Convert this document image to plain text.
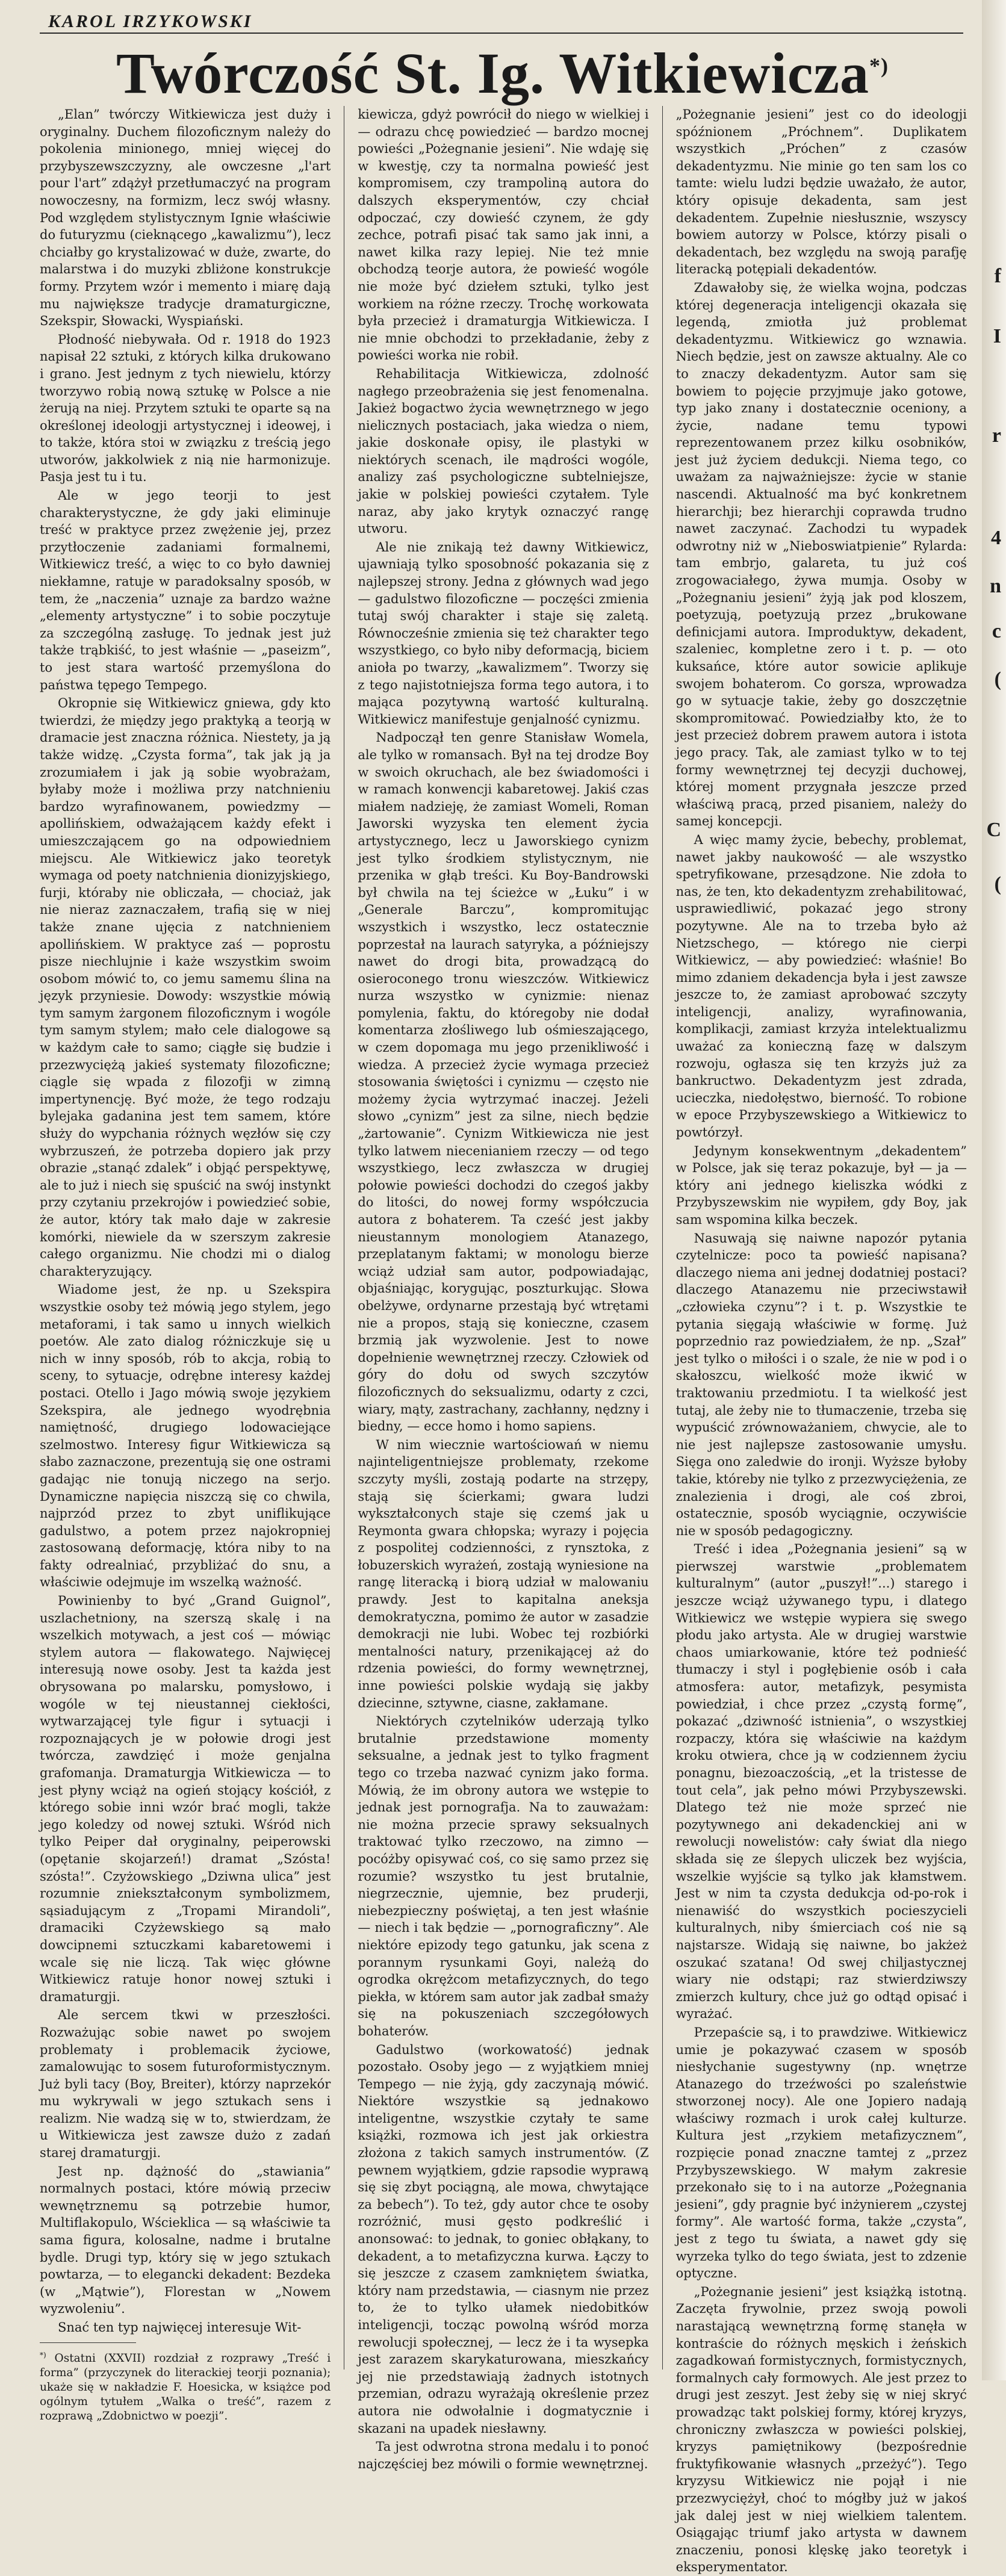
KAROL IRZYKOWSKI
Twórczość St. Ig. Witkiewicza*)

„Elan” twórczy Witkiewicza jest duży i oryginalny. Duchem filozoficznym należy do pokolenia minionego, mniej więcej do przybyszewszczyzny, ale owczesne „l'art pour l'art” zdążył przetłumaczyć na program nowoczesny, na formizm, lecz swój własny. Pod względem stylistycznym Ignie właściwie do futuryzmu (cieknącego „kawalizmu”), lecz chciałby go krystalizować w duże, zwarte, do malarstwa i do muzyki zbliżone konstrukcje formy. Przytem wzór i memento i miarę dają mu największe tradycje dramaturgiczne, Szekspir, Słowacki, Wyspiański.

Płodność niebywała. Od r. 1918 do 1923 napisał 22 sztuki, z których kilka drukowano i grano. Jest jednym z tych niewielu, którzy tworzywo robią nową sztukę w Polsce a nie żerują na niej. Przytem sztuki te oparte są na określonej ideologji artystycznej i ideowej, i to także, która stoi w związku z treścią jego utworów, jakkolwiek z nią nie harmonizuje. Pasja jest tu i tu.

Ale w jego teorji to jest charakterystyczne, że gdy jaki eliminuje treść w praktyce przez zwężenie jej, przez przytłoczenie zadaniami formalnemi, Witkiewicz treść, a więc to co było dawniej niekłamne, ratuje w paradoksalny sposób, w tem, że „naczenia” uznaje za bardzo ważne „elementy artystyczne” i to sobie poczytuje za szczególną zasługę. To jednak jest już także trąbkiść, to jest właśnie — „paseizm”, to jest stara wartość przemyślona do państwa tępego Tempego.

Okropnie się Witkiewicz gniewa, gdy kto twierdzi, że między jego praktyką a teorją w dramacie jest znaczna różnica. Niestety, ja ją także widzę. „Czysta forma”, tak jak ją ja zrozumiałem i jak ją sobie wyobrażam, byłaby może i możliwa przy natchnieniu bardzo wyrafinowanem, powiedzmy — apollińskiem, odważającem każdy efekt i umieszczającem go na odpowiedniem miejscu. Ale Witkiewicz jako teoretyk wymaga od poety natchnienia dionizyjskiego, furji, któraby nie obliczała, — chociaż, jak nie nieraz zaznaczałem, trafią się w niej także znane ujęcia z natchnieniem apollińskiem. W praktyce zaś — poprostu pisze niechlujnie i każe wszystkim swoim osobom mówić to, co jemu samemu ślina na język przyniesie. Dowody: wszystkie mówią tym samym żargonem filozoficznym i wogóle tym samym stylem; mało cele dialogowe są w każdym całe to samo; ciągłe się budzie i przezwyciężą jakieś systematy filozoficzne; ciągle się wpada z filozofji w zimną impertynencję. Być może, że tego rodzaju bylejaka gadanina jest tem samem, które służy do wypchania różnych węzłów się czy wybrzuszeń, że potrzeba dopiero jak przy obrazie „stanąć zdalek” i objąć perspektywę, ale to już i niech się spuścić na swój instynkt przy czytaniu przekrojów i powiedzieć sobie, że autor, który tak mało daje w zakresie komórki, niewiele da w szerszym zakresie całego organizmu. Nie chodzi mi o dialog charakteryzujący.

Wiadome jest, że np. u Szekspira wszystkie osoby też mówią jego stylem, jego metaforami, i tak samo u innych wielkich poetów. Ale zato dialog różniczkuje się u nich w inny sposób, rób to akcja, robią to sceny, to sytuacje, odrębne interesy każdej postaci. Otello i Jago mówią swoje językiem Szekspira, ale jednego wyodrębnia namiętność, drugiego lodowaciejące szelmostwo. Interesy figur Witkiewicza są słabo zaznaczone, prezentują się one ostrami gadając nie tonują niczego na serjo. Dynamiczne napięcia niszczą się co chwila, najprzód przez to zbyt uniflikujące gadulstwo, a potem przez najokropniej zastosowaną deformację, która niby to na fakty odrealniać, przybliżać do snu, a właściwie odejmuje im wszelką ważność.

Powinienby to być „Grand Guignol”, uszlachetniony, na szerszą skalę i na wszelkich motywach, a jest coś — mówiąc stylem autora — flakowatego. Najwięcej interesują nowe osoby. Jest ta każda jest obrysowana po malarsku, pomysłowo, i wogóle w tej nieustannej ciekłości, wytwarzającej tyle figur i sytuacji i rozpoznających je w połowie drogi jest twórcza, zawdzięć i może genjalna grafomanja. Dramaturgja Witkiewicza — to jest płyny wciąż na ogień stojący kościół, z którego sobie inni wzór brać mogli, także jego koledzy od nowej sztuki. Wśród nich tylko Peiper dał oryginalny, peiperowski (opętanie skojarzeń!) dramat „Szósta! szósta!”. Czyżowskiego „Dziwna ulica” jest rozumnie zniekształconym symbolizmem, sąsiadującym z „Tropami Mirandoli”, dramaciki Czyżewskiego są mało dowcipnemi sztuczkami kabaretowemi i wcale się nie liczą. Tak więc główne Witkiewicz ratuje honor nowej sztuki i dramaturgji.

Ale sercem tkwi w przeszłości. Rozważując sobie nawet po swojem problematy i problemacik życiowe, zamalowując to sosem futuroformistycznym. Już byli tacy (Boy, Breiter), którzy naprzekór mu wykrywali w jego sztukach sens i realizm. Nie wadzą się w to, stwierdzam, że u Witkiewicza jest zawsze dużo z zadań starej dramaturgji.

Jest np. dążność do „stawiania” normalnych postaci, które mówią przeciw wewnętrznemu są potrzebie humor, Multiflakopulo, Wścieklica — są właściwie ta sama figura, kolosalne, nadme i brutalne bydle. Drugi typ, który się w jego sztukach powtarza, — to elegancki dekadent: Bezdeka (w „Mątwie”), Florestan w „Nowem wyzwoleniu”.

Snać ten typ najwięcej interesuje Wit-

*) Ostatni (XXVII) rozdział z rozprawy „Treść i forma” (przyczynek do literackiej teorji poznania); ukaże się w nakładzie F. Hoesicka, w książce pod ogólnym tytułem „Walka o treść”, razem z rozprawą „Zdobnictwo w poezji”.

kiewicza, gdyż powrócił do niego w wielkiej i — odrazu chcę powiedzieć — bardzo mocnej powieści „Pożegnanie jesieni”. Nie wdaję się w kwestję, czy ta normalna powieść jest kompromisem, czy trampoliną autora do dalszych eksperymentów, czy chciał odpoczać, czy dowieść czynem, że gdy zechce, potrafi pisać tak samo jak inni, a nawet kilka razy lepiej. Nie też mnie obchodzą teorje autora, że powieść wogóle nie może być dziełem sztuki, tylko jest workiem na różne rzeczy. Trochę workowata była przecież i dramaturgja Witkiewicza. I nie mnie obchodzi to przekładanie, żeby z powieści worka nie robił.

Rehabilitacja Witkiewicza, zdolność nagłego przeobrażenia się jest fenomenalna. Jakież bogactwo życia wewnętrznego w jego nielicznych postaciach, jaka wiedza o niem, jakie doskonałe opisy, ile plastyki w niektórych scenach, ile mądrości wogóle, analizy zaś psychologiczne subtelniejsze, jakie w polskiej powieści czytałem. Tyle naraz, aby jako krytyk oznaczyć rangę utworu.

Ale nie znikają też dawny Witkiewicz, ujawniają tylko sposobność pokazania się z najlepszej strony. Jedna z głównych wad jego — gadulstwo filozoficzne — poczęści zmienia tutaj swój charakter i staje się zaletą. Równocześnie zmienia się też charakter tego wszystkiego, co było niby deformacją, biciem anioła po twarzy, „kawalizmem”. Tworzy się z tego najistotniejsza forma tego autora, i to mająca pozytywną wartość kulturalną. Witkiewicz manifestuje genjalność cynizmu.

Nadpoczął ten genre Stanisław Womela, ale tylko w romansach. Był na tej drodze Boy w swoich okruchach, ale bez świadomości i w ramach konwencji kabaretowej. Jakiś czas miałem nadzieję, że zamiast Womeli, Roman Jaworski wyzyska ten element życia artystycznego, lecz u Jaworskiego cynizm jest tylko środkiem stylistycznym, nie przenika w głąb treści. Ku Boy-Bandrowski był chwila na tej ścieżce w „Łuku” i w „Generale Barczu”, kompromitując wszystkich i wszystko, lecz ostatecznie poprzestał na laurach satyryka, a późniejszy nawet do drogi bita, prowadzącą do osieroconego tronu wieszczów. Witkiewicz nurza wszystko w cynizmie: nienaz pomylenia, faktu, do któregoby nie dodał komentarza złośliwego lub ośmieszającego, w czem dopomaga mu jego przenikliwość i wiedza. A przecież życie wymaga przecież stosowania świętości i cynizmu — często nie możemy życia wytrzymać inaczej. Jeżeli słowo „cynizm” jest za silne, niech będzie „żartowanie”. Cynizm Witkiewicza nie jest tylko latwem niecenianiem rzeczy — od tego wszystkiego, lecz zwłaszcza w drugiej połowie powieści dochodzi do czegoś jakby do litości, do nowej formy współczucia autora z bohaterem. Ta cześć jest jakby nieustannym monologiem Atanazego, przeplatanym faktami; w monologu bierze wciąż udział sam autor, podpowiadając, objaśniając, korygując, poszturkując. Słowa obelżywe, ordynarne przestają być wtrętami nie a propos, stają się konieczne, czasem brzmią jak wyzwolenie. Jest to nowe dopełnienie wewnętrznej rzeczy. Człowiek od góry do dołu od swych szczytów filozoficznych do seksualizmu, odarty z czci, wiary, mąty, zastrachany, zachłanny, nędzny i biedny, — ecce homo i homo sapiens.

W nim wiecznie wartościowań w niemu najinteligentniejsze problematy, rzekome szczyty myśli, zostają podarte na strzępy, stają się ścierkami; gwara ludzi wykształconych staje się czemś jak u Reymonta gwara chłopska; wyrazy i pojęcia z pospolitej codzienności, z rynsztoka, z łobuzerskich wyrażeń, zostają wyniesione na rangę literacką i biorą udział w malowaniu prawdy. Jest to kapitalna aneksja demokratyczna, pomimo że autor w zasadzie demokracji nie lubi. Wobec tej rozbiórki mentalności natury, przenikającej aż do rdzenia powieści, do formy wewnętrznej, inne powieści polskie wydają się jakby dziecinne, sztywne, ciasne, zakłamane.

Niektórych czytelników uderzają tylko brutalnie przedstawione momenty seksualne, a jednak jest to tylko fragment tego co trzeba nazwać cynizm jako forma. Mówią, że im obrony autora we wstępie to jednak jest pornografja. Na to zauważam: nie można przecie sprawy seksualnych traktować tylko rzeczowo, na zimno — pocóżby opisywać coś, co się samo przez się rozumie? wszystko tu jest brutalnie, niegrzecznie, ujemnie, bez pruderji, niebezpieczny poświętaj, a ten jest właśnie — niech i tak będzie — „pornograficzny”. Ale niektóre epizody tego gatunku, jak scena z porannym rysunkami Goyi, należą do ogrodka okrężcom metafizycznych, do tego piekła, w którem sam autor jak zadbał smaży się na pokuszeniach szczegółowych bohaterów.

Gadulstwo (workowatość) jednak pozostało. Osoby jego — z wyjątkiem mniej Tempego — nie żyją, gdy zaczynają mówić. Niektóre wszystkie są jednakowo inteligentne, wszystkie czytały te same książki, rozmowa ich jest jak orkiestra złożona z takich samych instrumentów. (Z pewnem wyjątkiem, gdzie rapsodie wyprawą się się zbyt pociągną, ale mowa, chwytające za bebech”). To też, gdy autor chce te osoby rozróżnić, musi gęsto podkreślić i anonsować: to jednak, to goniec obłąkany, to dekadent, a to metafizyczna kurwa. Łączy to się jeszcze z czasem zamkniętem światka, który nam przedstawia, — ciasnym nie przez to, że to tylko ułamek niedobitków inteligencji, tocząc powolną wśród morza rewolucji społecznej, — lecz że i ta wysepka jest zarazem skarykaturowana, mieszkańcy jej nie przedstawiają żadnych istotnych przemian, odrazu wyrażają określenie przez autora nie odwołalnie i dogmatycznie i skazani na upadek niesławny.

Ta jest odwrotna strona medalu i to ponoć najczęściej bez mówili o formie wewnętrznej.

„Pożegnanie jesieni” jest co do ideologji spóźnionem „Próchnem”. Duplikatem wszystkich „Próchen” z czasów dekadentyzmu. Nie minie go ten sam los co tamte: wielu ludzi będzie uważało, że autor, który opisuje dekadenta, sam jest dekadentem. Zupełnie niesłusznie, wszyscy bowiem autorzy w Polsce, którzy pisali o dekadentach, bez względu na swoją parafję literacką potępiali dekadentów.

Zdawałoby się, że wielka wojna, podczas której degeneracja inteligencji okazała się legendą, zmiotła już problemat dekadentyzmu. Witkiewicz go wznawia. Niech będzie, jest on zawsze aktualny. Ale co to znaczy dekadentyzm. Autor sam się bowiem to pojęcie przyjmuje jako gotowe, typ jako znany i dostatecznie oceniony, a życie, nadane temu typowi reprezentowanem przez kilku osobników, jest już życiem dedukcji. Niema tego, co uważam za najważniejsze: życie w stanie nascendi. Aktualność ma być konkretnem hierarchji; bez hierarchji coprawda trudno nawet zaczynać. Zachodzi tu wypadek odwrotny niż w „Nieboswiatpienie” Rylarda: tam embrjo, galareta, tu już coś zrogowaciałego, żywa mumja. Osoby w „Pożegnaniu jesieni” żyją jak pod kloszem, poetyzują, poetyzują przez „brukowane definicjami autora. Improduktyw, dekadent, szaleniec, kompletne zero i t. p. — oto kuksańce, które autor sowicie aplikuje swojem bohaterom. Co gorsza, wprowadza go w sytuacje takie, żeby go doszczętnie skompromitować. Powiedziałby kto, że to jest przecież dobrem prawem autora i istota jego pracy. Tak, ale zamiast tylko w to tej formy wewnętrznej tej decyzji duchowej, której moment przygnała jeszcze przed właściwą pracą, przed pisaniem, należy do samej koncepcji.

A więc mamy życie, bebechy, problemat, nawet jakby naukowość — ale wszystko spetryfikowane, przesądzone. Nie zdoła to nas, że ten, kto dekadentyzm zrehabilitować, usprawiedliwić, pokazać jego strony pozytywne. Ale na to trzeba było aż Nietzschego, — którego nie cierpi Witkiewicz, — aby powiedzieć: właśnie! Bo mimo zdaniem dekadencja była i jest zawsze jeszcze to, że zamiast aprobować szczyty inteligencji, analizy, wyrafinowania, komplikacji, zamiast krzyża intelektualizmu uważać za konieczną fazę w dalszym rozwoju, ogłasza się ten krzyżs już za bankructwo. Dekadentyzm jest zdrada, ucieczka, niedołęstwo, bierność. To robione w epoce Przybyszewskiego a Witkiewicz to powtórzył.

Jedynym konsekwentnym „dekadentem” w Polsce, jak się teraz pokazuje, był — ja — który ani jednego kieliszka wódki z Przybyszewskim nie wypiłem, gdy Boy, jak sam wspomina kilka beczek.

Nasuwają się naiwne napozór pytania czytelnicze: poco ta powieść napisana? dlaczego niema ani jednej dodatniej postaci? dlaczego Atanazemu nie przeciwstawił „człowieka czynu”? i t. p. Wszystkie te pytania sięgają właściwie w formę. Już poprzednio raz powiedziałem, że np. „Szał” jest tylko o miłości i o szale, że nie w pod i o skałoszcu, wielkość może ikwić w traktowaniu przedmiotu. I ta wielkość jest tutaj, ale żeby nie to tłumaczenie, trzeba się wypuścić zrównoważaniem, chwycie, ale to nie jest najlepsze zastosowanie umysłu. Sięga ono zaledwie do ironji. Wyższe byłoby takie, któreby nie tylko z przezwyciężenia, ze znalezienia i drogi, ale coś zbroi, ostatecznie, sposób wyciągnie, oczywiście nie w sposób pedagogiczny.

Treść i idea „Pożegnania jesieni” są w pierwszej warstwie „problematem kulturalnym” (autor „puszył!”...) starego i jeszcze wciąż używanego typu, i dlatego Witkiewicz we wstępie wypiera się swego płodu jako artysta. Ale w drugiej warstwie chaos umiarkowanie, które też podnieść tłumaczy i styl i pogłębienie osób i cała atmosfera: autor, metafizyk, pesymista powiedział, i chce przez „czystą formę”, pokazać „dziwność istnienia”, o wszystkiej rozpaczy, która się właściwie na każdym kroku otwiera, chce ją w codziennem życiu ponagnu, biezoaczością, „et la tristesse de tout cela”, jak pełno mówi Przybyszewski. Dlatego też nie może sprzeć nie pozytywnego ani dekadenckiej ani w rewolucji nowelistów: cały świat dla niego składa się ze ślepych uliczek bez wyjścia, wszelkie wyjście są tylko jak kłamstwem. Jest w nim ta czysta dedukcja od-po-rok i nienawiść do wszystkich pocieszycieli kulturalnych, niby śmierciach coś nie są najstarsze. Widają się naiwne, bo jakżeż oszukać szatana! Od swej chiljastycznej wiary nie odstąpi; raz stwierdziwszy zmierzch kultury, chce już go odtąd opisać i wyrażać.

Przepaście są, i to prawdziwe. Witkiewicz umie je pokazywać czasem w sposób niesłychanie sugestywny (np. wnętrze Atanazego do trzeźwości po szaleństwie stworzonej nocy). Ale one Jopiero nadają właściwy rozmach i urok całej kulturze. Kultura jest „rzykiem metafizycznem”, rozpięcie ponad znaczne tamtej z „przez Przybyszewskiego. W małym zakresie przekonało się to i na autorze „Pożegnania jesieni”, gdy pragnie być inżynierem „czystej formy”. Ale wartość forma, także „czysta”, jest z tego tu świata, a nawet gdy się wyrzeka tylko do tego świata, jest to zdzenie optyczne.

„Pożegnanie jesieni” jest książką istotną. Zaczęta frywolnie, przez swoją powoli narastającą wewnętrzną formę stanęła w kontraście do różnych męskich i żeńskich zagadkowań formistycznych, formistycznych, formalnych cały formowych. Ale jest przez to drugi jest zeszyt. Jest żeby się w niej skryć prowadząc takt polskiej formy, której kryzys, chroniczny zwłaszcza w powieści polskiej, kryzys pamiętnikowy (bezpośrednie fruktyfikowanie własnych „przeżyć”). Tego kryzysu Witkiewicz nie pojął i nie przezwyciężył, choć to mógłby już w jakoś jak dalej jest w niej wielkiem talentem. Osiągając triumf jako artysta w dawnem znaczeniu, ponosi klęskę jako teoretyk i eksperymentator.

f
I
r
4
n
c
(
C
(
